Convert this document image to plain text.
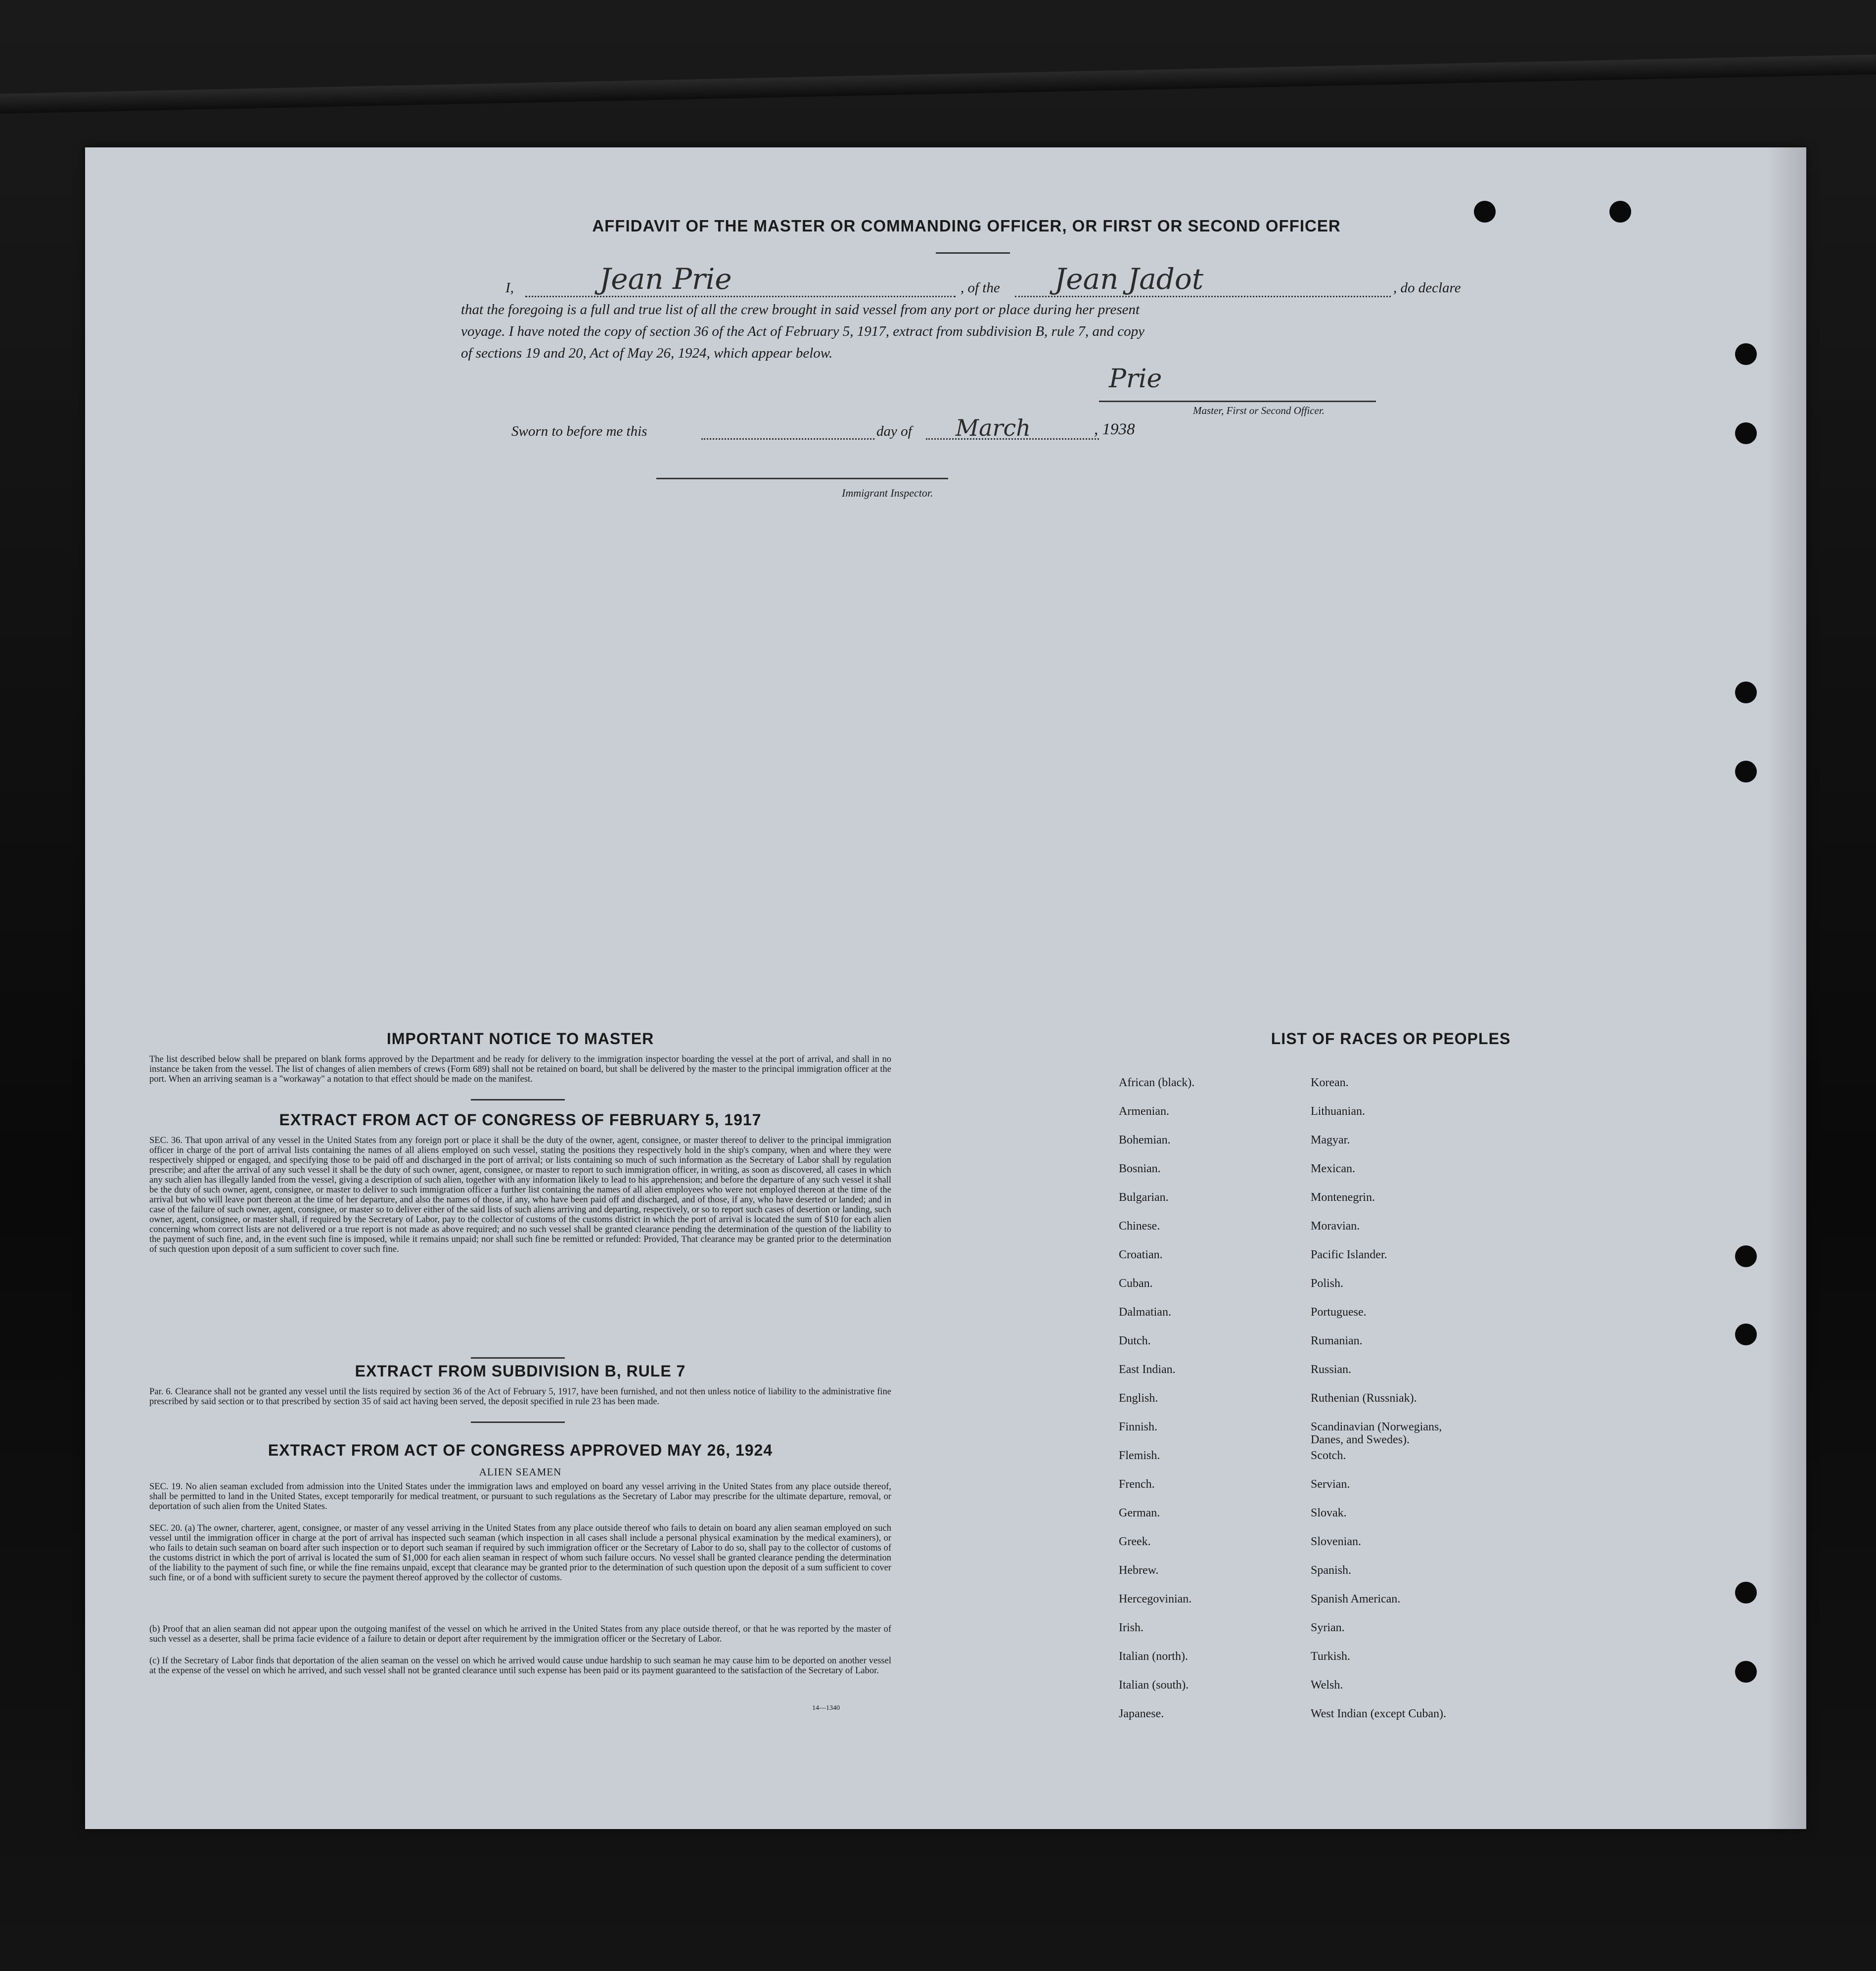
AFFIDAVIT OF THE MASTER OR COMMANDING OFFICER, OR FIRST OR SECOND OFFICER
I,	Jean Prie	, of the Jean Jadot	, do declare
that the foregoing is a full and true list of all the crew brought in said vessel from any port or place during her present
voyage. I have noted the copy of section 36 of the Act of February 5, 1917, extract from subdivision B, rule 7, and copy
of sections 19 and 20, Act of May 26, 1924, which appear below.
Prie
Master, First or Second Officer.
Sworn to before me this	day of March	, 1938
Immigrant Inspector.
IMPORTANT NOTICE TO MASTER
The list described below shall be prepared on blank forms approved by the Department and be ready for delivery to the immigration inspector boarding the vessel at the port of arrival, and shall in no instance be taken from the vessel. The list of changes of alien members of crews (Form 689) shall not be retained on board, but shall be delivered by the master to the principal immigration officer at the port. When an arriving seaman is a "workaway" a notation to that effect should be made on the manifest.
EXTRACT FROM ACT OF CONGRESS OF FEBRUARY 5, 1917
SEC. 36. That upon arrival of any vessel in the United States from any foreign port or place it shall be the duty of the owner, agent, consignee, or master thereof to deliver to the principal immigration officer in charge of the port of arrival lists containing the names of all aliens employed on such vessel, stating the positions they respectively hold in the ship's company, when and where they were respectively shipped or engaged, and specifying those to be paid off and discharged in the port of arrival; or lists containing so much of such information as the Secretary of Labor shall by regulation prescribe; and after the arrival of any such vessel it shall be the duty of such owner, agent, consignee, or master to report to such immigration officer, in writing, as soon as discovered, all cases in which any such alien has illegally landed from the vessel, giving a description of such alien, together with any information likely to lead to his apprehension; and before the departure of any such vessel it shall be the duty of such owner, agent, consignee, or master to deliver to such immigration officer a further list containing the names of all alien employees who were not employed thereon at the time of the arrival but who will leave port thereon at the time of her departure, and also the names of those, if any, who have been paid off and discharged, and of those, if any, who have deserted or landed; and in case of the failure of such owner, agent, consignee, or master so to deliver either of the said lists of such aliens arriving and departing, respectively, or so to report such cases of desertion or landing, such owner, agent, consignee, or master shall, if required by the Secretary of Labor, pay to the collector of customs of the customs district in which the port of arrival is located the sum of $10 for each alien concerning whom correct lists are not delivered or a true report is not made as above required; and no such vessel shall be granted clearance pending the determination of the question of the liability to the payment of such fine, and, in the event such fine is imposed, while it remains unpaid; nor shall such fine be remitted or refunded: Provided, That clearance may be granted prior to the determination of such question upon deposit of a sum sufficient to cover such fine.
EXTRACT FROM SUBDIVISION B, RULE 7
Par. 6. Clearance shall not be granted any vessel until the lists required by section 36 of the Act of February 5, 1917, have been furnished, and not then unless notice of liability to the administrative fine prescribed by said section or to that prescribed by section 35 of said act having been served, the deposit specified in rule 23 has been made.
EXTRACT FROM ACT OF CONGRESS APPROVED MAY 26, 1924
ALIEN SEAMEN
SEC. 19. No alien seaman excluded from admission into the United States under the immigration laws and employed on board any vessel arriving in the United States from any place outside thereof, shall be permitted to land in the United States, except temporarily for medical treatment, or pursuant to such regulations as the Secretary of Labor may prescribe for the ultimate departure, removal, or deportation of such alien from the United States.
SEC. 20. (a) The owner, charterer, agent, consignee, or master of any vessel arriving in the United States from any place outside thereof who fails to detain on board any alien seaman employed on such vessel until the immigration officer in charge at the port of arrival has inspected such seaman (which inspection in all cases shall include a personal physical examination by the medical examiners), or who fails to detain such seaman on board after such inspection or to deport such seaman if required by such immigration officer or the Secretary of Labor to do so, shall pay to the collector of customs of the customs district in which the port of arrival is located the sum of $1,000 for each alien seaman in respect of whom such failure occurs. No vessel shall be granted clearance pending the determination of the liability to the payment of such fine, or while the fine remains unpaid, except that clearance may be granted prior to the determination of such question upon the deposit of a sum sufficient to cover such fine, or of a bond with sufficient surety to secure the payment thereof approved by the collector of customs.
(b) Proof that an alien seaman did not appear upon the outgoing manifest of the vessel on which he arrived in the United States from any place outside thereof, or that he was reported by the master of such vessel as a deserter, shall be prima facie evidence of a failure to detain or deport after requirement by the immigration officer or the Secretary of Labor.
(c) If the Secretary of Labor finds that deportation of the alien seaman on the vessel on which he arrived would cause undue hardship to such seaman he may cause him to be deported on another vessel at the expense of the vessel on which he arrived, and such vessel shall not be granted clearance until such expense has been paid or its payment guaranteed to the satisfaction of the Secretary of Labor.
14—1340
LIST OF RACES OR PEOPLES
African (black).
Armenian.
Bohemian.
Bosnian.
Bulgarian.
Chinese.
Croatian.
Cuban.
Dalmatian.
Dutch.
East Indian.
English.
Finnish.
Flemish.
French.
German.
Greek.
Hebrew.
Hercegovinian.
Irish.
Italian (north).
Italian (south).
Japanese.
Korean.
Lithuanian.
Magyar.
Mexican.
Montenegrin.
Moravian.
Pacific Islander.
Polish.
Portuguese.
Rumanian.
Russian.
Ruthenian (Russniak).
Scandinavian (Norwegians, Danes, and Swedes).
Scotch.
Servian.
Slovak.
Slovenian.
Spanish.
Spanish American.
Syrian.
Turkish.
Welsh.
West Indian (except Cuban).
